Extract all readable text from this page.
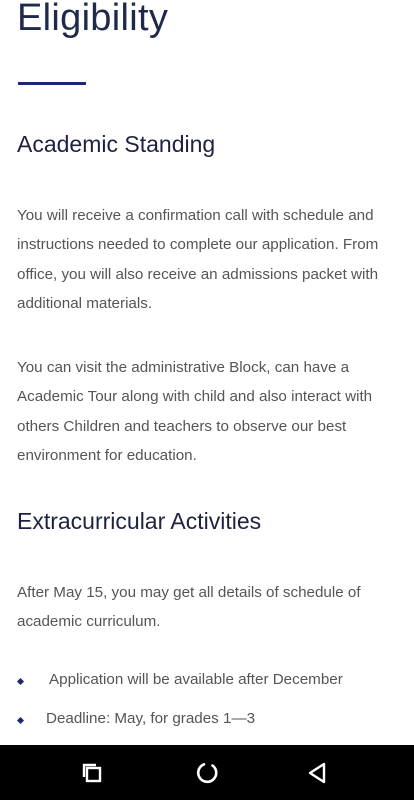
Eligibility
Academic Standing

You will receive a confirmation call with schedule and instructions needed to complete our application. From office, you will also receive an admissions packet with additional materials.

You can visit the administrative Block, can have a Academic Tour along with child and also interact with others Children and teachers to observe our best environment for education.

Extracurricular Activities

After May 15, you may get all details of schedule of academic curriculum.

Application will be available after December
Deadline: May, for grades 1—3
